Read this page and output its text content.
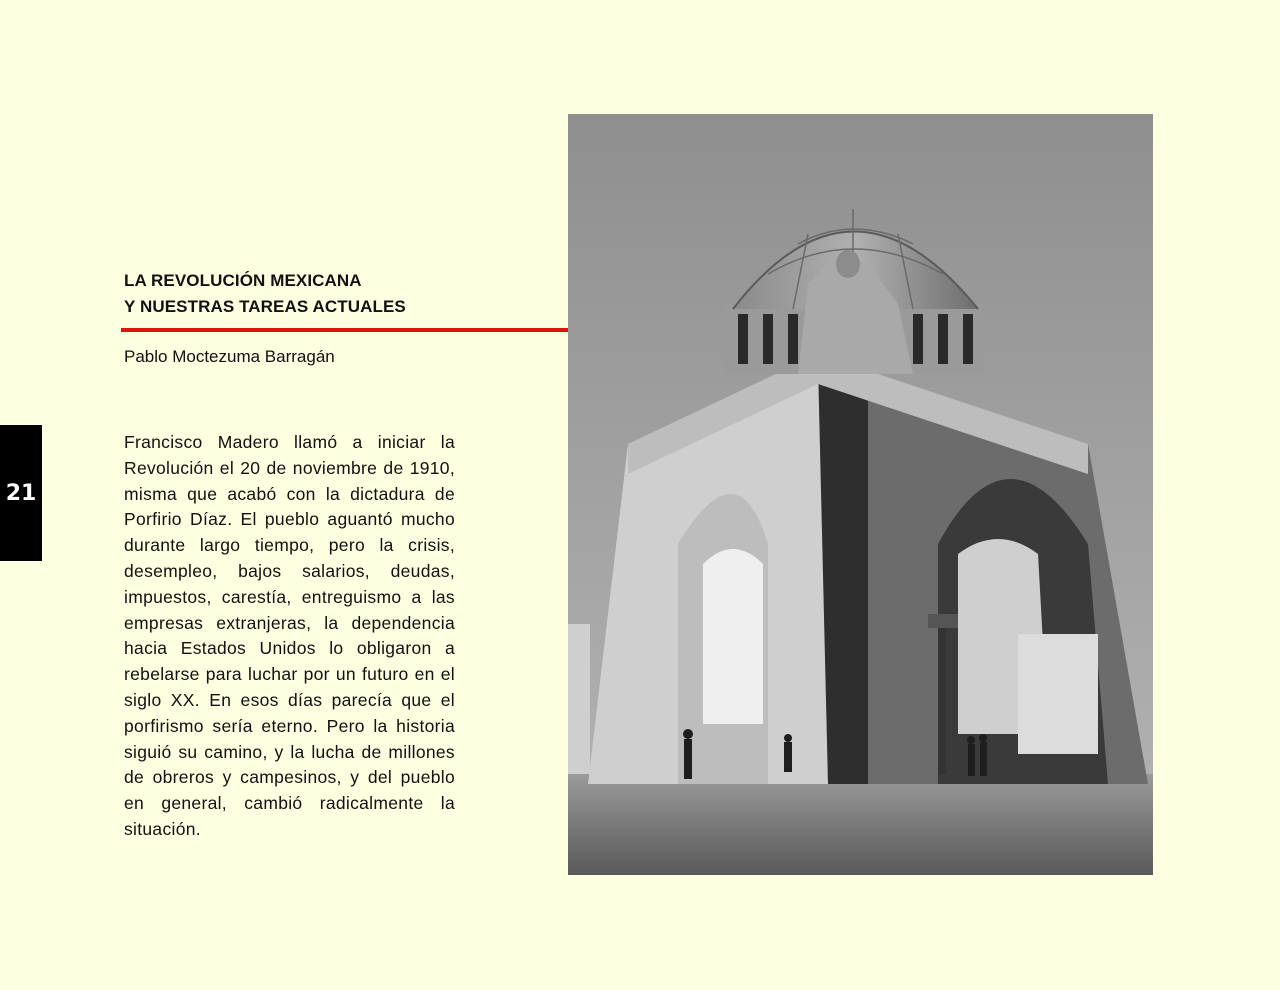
21
LA REVOLUCIÓN MEXICANA
Y NUESTRAS TAREAS ACTUALES
Pablo Moctezuma Barragán
Francisco Madero llamó a iniciar la Revolución el 20 de noviembre de 1910, misma que acabó con la dictadura de Porfirio Díaz. El pueblo aguantó mucho durante largo tiempo, pero la crisis, desempleo, bajos salarios, deudas, impuestos, carestía, entreguismo a las empresas extranjeras, la dependencia hacia Estados Unidos lo obligaron a rebelarse para luchar por un futuro en el siglo XX. En esos días parecía que el porfirismo sería eterno. Pero la historia siguió su camino, y la lucha de millones de obreros y campesinos, y del pueblo en general, cambió radicalmente la situación.
